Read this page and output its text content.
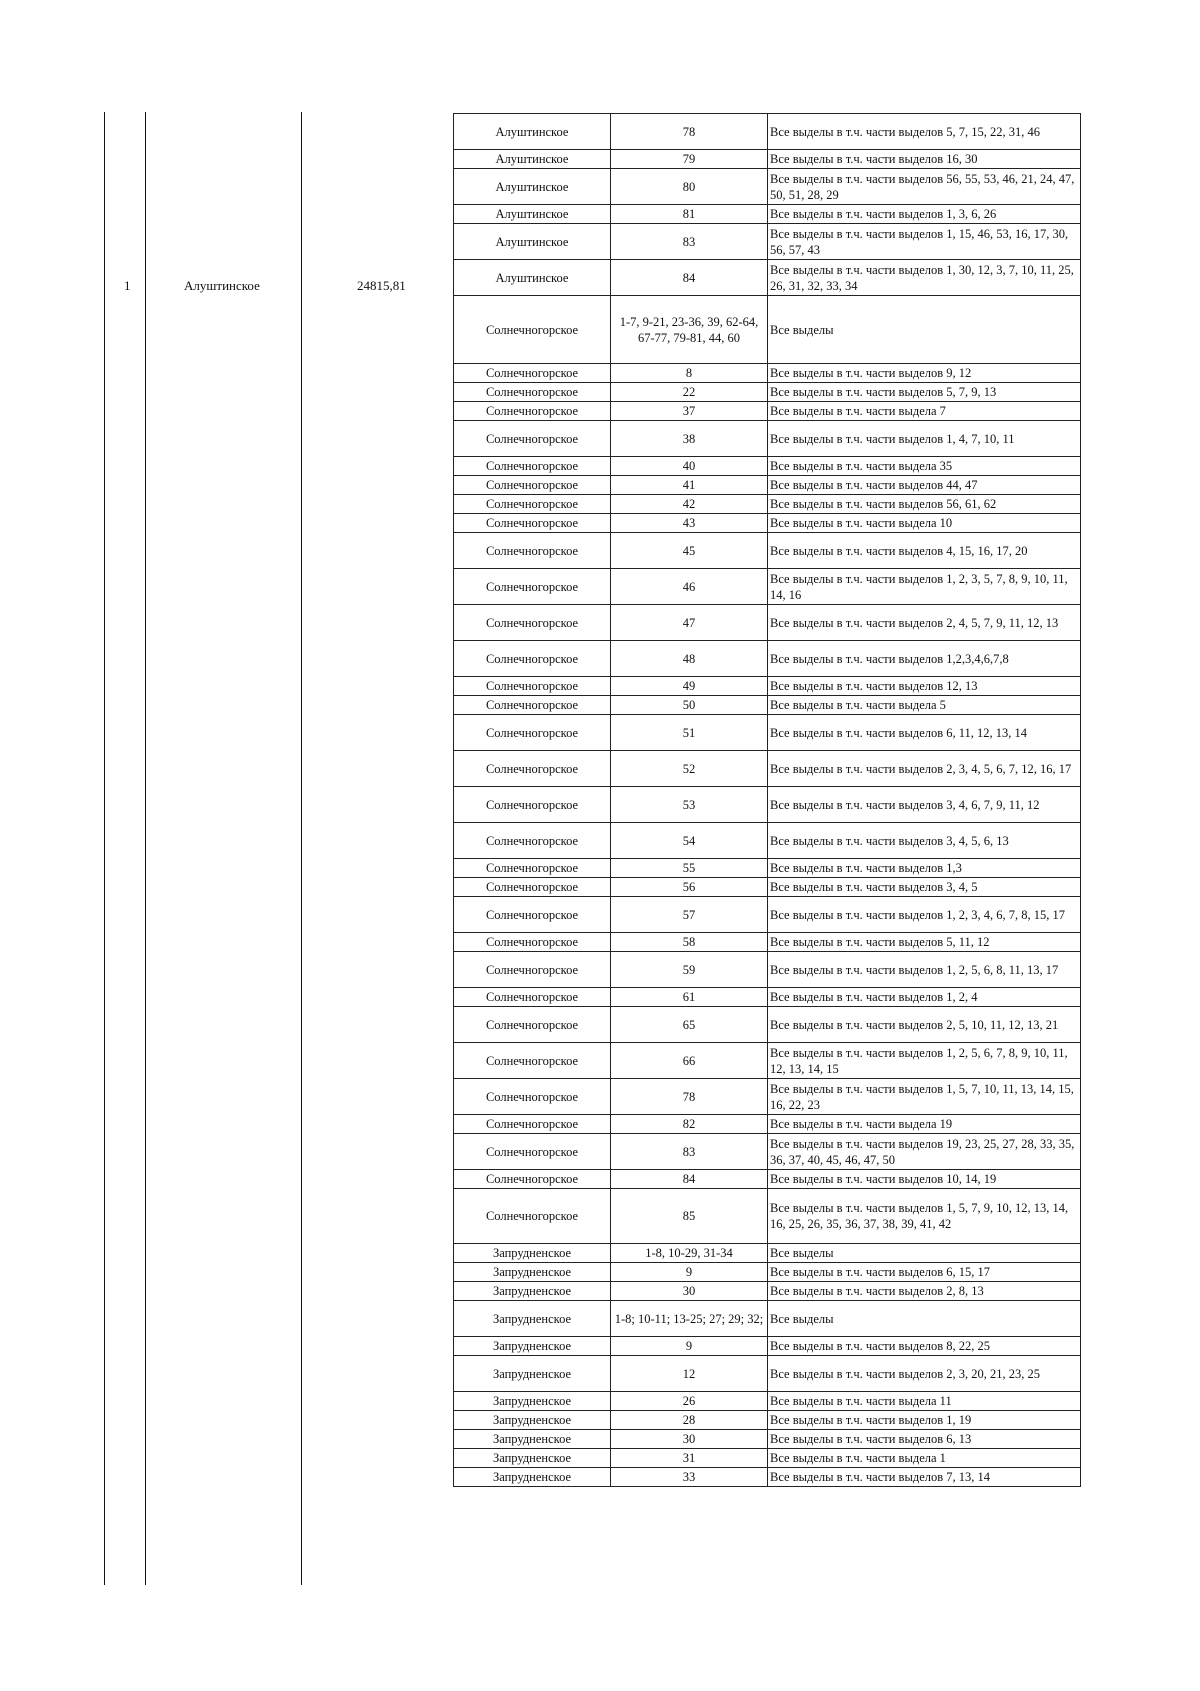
1	Алуштинское	24815,81
Алуштинское	78	Все выделы в т.ч. части выделов 5, 7, 15, 22, 31, 46
Алуштинское	79	Все выделы в т.ч. части выделов 16, 30
Алуштинское	80	Все выделы в т.ч. части выделов 56, 55, 53, 46, 21, 24, 47, 50, 51, 28, 29
Алуштинское	81	Все выделы в т.ч. части выделов 1, 3, 6, 26
Алуштинское	83	Все выделы в т.ч. части выделов 1, 15, 46, 53, 16, 17, 30, 56, 57, 43
Алуштинское	84	Все выделы в т.ч. части выделов 1, 30, 12, 3, 7, 10, 11, 25, 26, 31, 32, 33, 34
Солнечногорское	1-7, 9-21, 23-36, 39, 62-64, 67-77, 79-81, 44, 60	Все выделы
Солнечногорское	8	Все выделы в т.ч. части выделов 9, 12
Солнечногорское	22	Все выделы в т.ч. части выделов 5, 7, 9, 13
Солнечногорское	37	Все выделы в т.ч. части выдела 7
Солнечногорское	38	Все выделы в т.ч. части выделов 1, 4, 7, 10, 11
Солнечногорское	40	Все выделы в т.ч. части выдела 35
Солнечногорское	41	Все выделы в т.ч. части выделов 44, 47
Солнечногорское	42	Все выделы в т.ч. части выделов 56, 61, 62
Солнечногорское	43	Все выделы в т.ч. части выдела 10
Солнечногорское	45	Все выделы в т.ч. части выделов 4, 15, 16, 17, 20
Солнечногорское	46	Все выделы в т.ч. части выделов 1, 2, 3, 5, 7, 8, 9, 10, 11, 14, 16
Солнечногорское	47	Все выделы в т.ч. части выделов 2, 4, 5, 7, 9, 11, 12, 13
Солнечногорское	48	Все выделы в т.ч. части выделов 1,2,3,4,6,7,8
Солнечногорское	49	Все выделы в т.ч. части выделов 12, 13
Солнечногорское	50	Все выделы в т.ч. части выдела 5
Солнечногорское	51	Все выделы в т.ч. части выделов 6, 11, 12, 13, 14
Солнечногорское	52	Все выделы в т.ч. части выделов 2, 3, 4, 5, 6, 7, 12, 16, 17
Солнечногорское	53	Все выделы в т.ч. части выделов 3, 4, 6, 7, 9, 11, 12
Солнечногорское	54	Все выделы в т.ч. части выделов 3, 4, 5, 6, 13
Солнечногорское	55	Все выделы в т.ч. части выделов 1,3
Солнечногорское	56	Все выделы в т.ч. части выделов 3, 4, 5
Солнечногорское	57	Все выделы в т.ч. части выделов 1, 2, 3, 4, 6, 7, 8, 15, 17
Солнечногорское	58	Все выделы в т.ч. части выделов 5, 11, 12
Солнечногорское	59	Все выделы в т.ч. части выделов 1, 2, 5, 6, 8, 11, 13, 17
Солнечногорское	61	Все выделы в т.ч. части выделов 1, 2, 4
Солнечногорское	65	Все выделы в т.ч. части выделов 2, 5, 10, 11, 12, 13, 21
Солнечногорское	66	Все выделы в т.ч. части выделов 1, 2, 5, 6, 7, 8, 9, 10, 11, 12, 13, 14, 15
Солнечногорское	78	Все выделы в т.ч. части выделов 1, 5, 7, 10, 11, 13, 14, 15, 16, 22, 23
Солнечногорское	82	Все выделы в т.ч. части выдела 19
Солнечногорское	83	Все выделы в т.ч. части выделов 19, 23, 25, 27, 28, 33, 35, 36, 37, 40, 45, 46, 47, 50
Солнечногорское	84	Все выделы в т.ч. части выделов 10, 14, 19
Солнечногорское	85	Все выделы в т.ч. части выделов 1, 5, 7, 9, 10, 12, 13, 14, 16, 25, 26, 35, 36, 37, 38, 39, 41, 42
Запрудненское	1-8, 10-29, 31-34	Все выделы
Запрудненское	9	Все выделы в т.ч. части выделов 6, 15, 17
Запрудненское	30	Все выделы в т.ч. части выделов 2, 8, 13
Запрудненское	1-8; 10-11; 13-25; 27; 29; 32;	Все выделы
Запрудненское	9	Все выделы в т.ч. части выделов 8, 22, 25
Запрудненское	12	Все выделы в т.ч. части выделов 2, 3, 20, 21, 23, 25
Запрудненское	26	Все выделы в т.ч. части выдела 11
Запрудненское	28	Все выделы в т.ч. части выделов 1, 19
Запрудненское	30	Все выделы в т.ч. части выделов 6, 13
Запрудненское	31	Все выделы в т.ч. части выдела 1
Запрудненское	33	Все выделы в т.ч. части выделов 7, 13, 14
